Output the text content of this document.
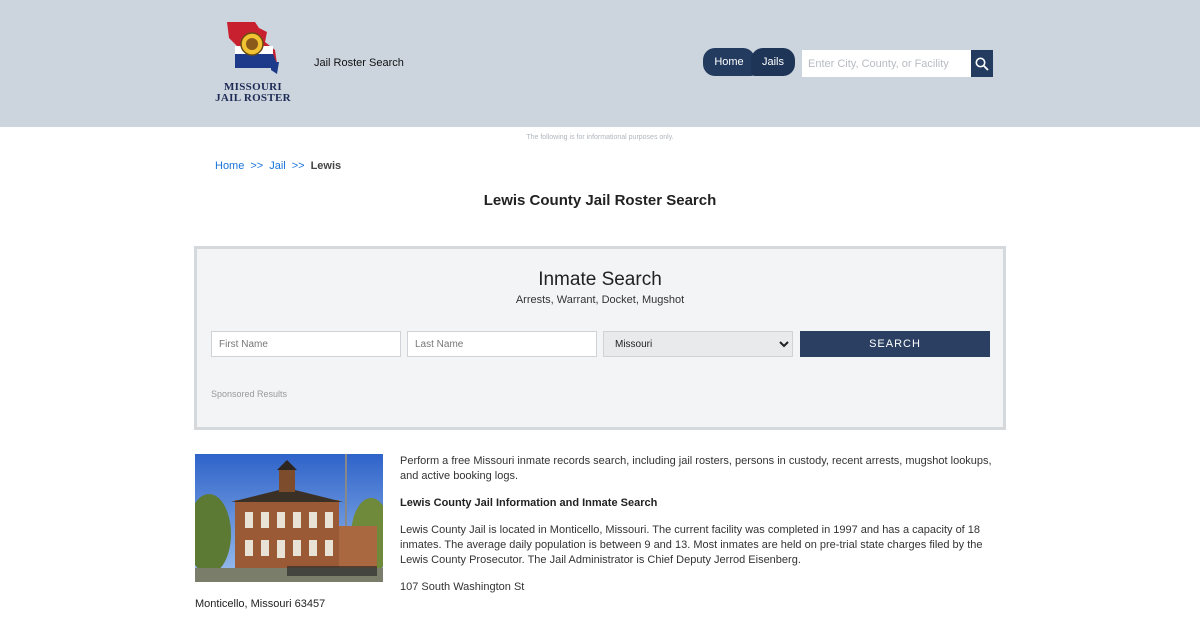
MISSOURI
JAIL ROSTER
Jail Roster Search	Home	Jails
Enter City, County, or Facility
The following is for informational purposes only.
Home >> Jail >> Lewis
Lewis County Jail Roster Search
Inmate Search
Arrests, Warrant, Docket, Mugshot
First Name
Last Name
Missouri
SEARCH
Sponsored Results
Monticello, Missouri 63457

Perform a free Missouri inmate records search, including jail rosters, persons in custody, recent arrests, mugshot lookups, and active booking logs.

Lewis County Jail Information and Inmate Search

Lewis County Jail is located in Monticello, Missouri. The current facility was completed in 1997 and has a capacity of 18 inmates. The average daily population is between 9 and 13. Most inmates are held on pre-trial state charges filed by the Lewis County Prosecutor. The Jail Administrator is Chief Deputy Jerrod Eisenberg.

107 South Washington St
